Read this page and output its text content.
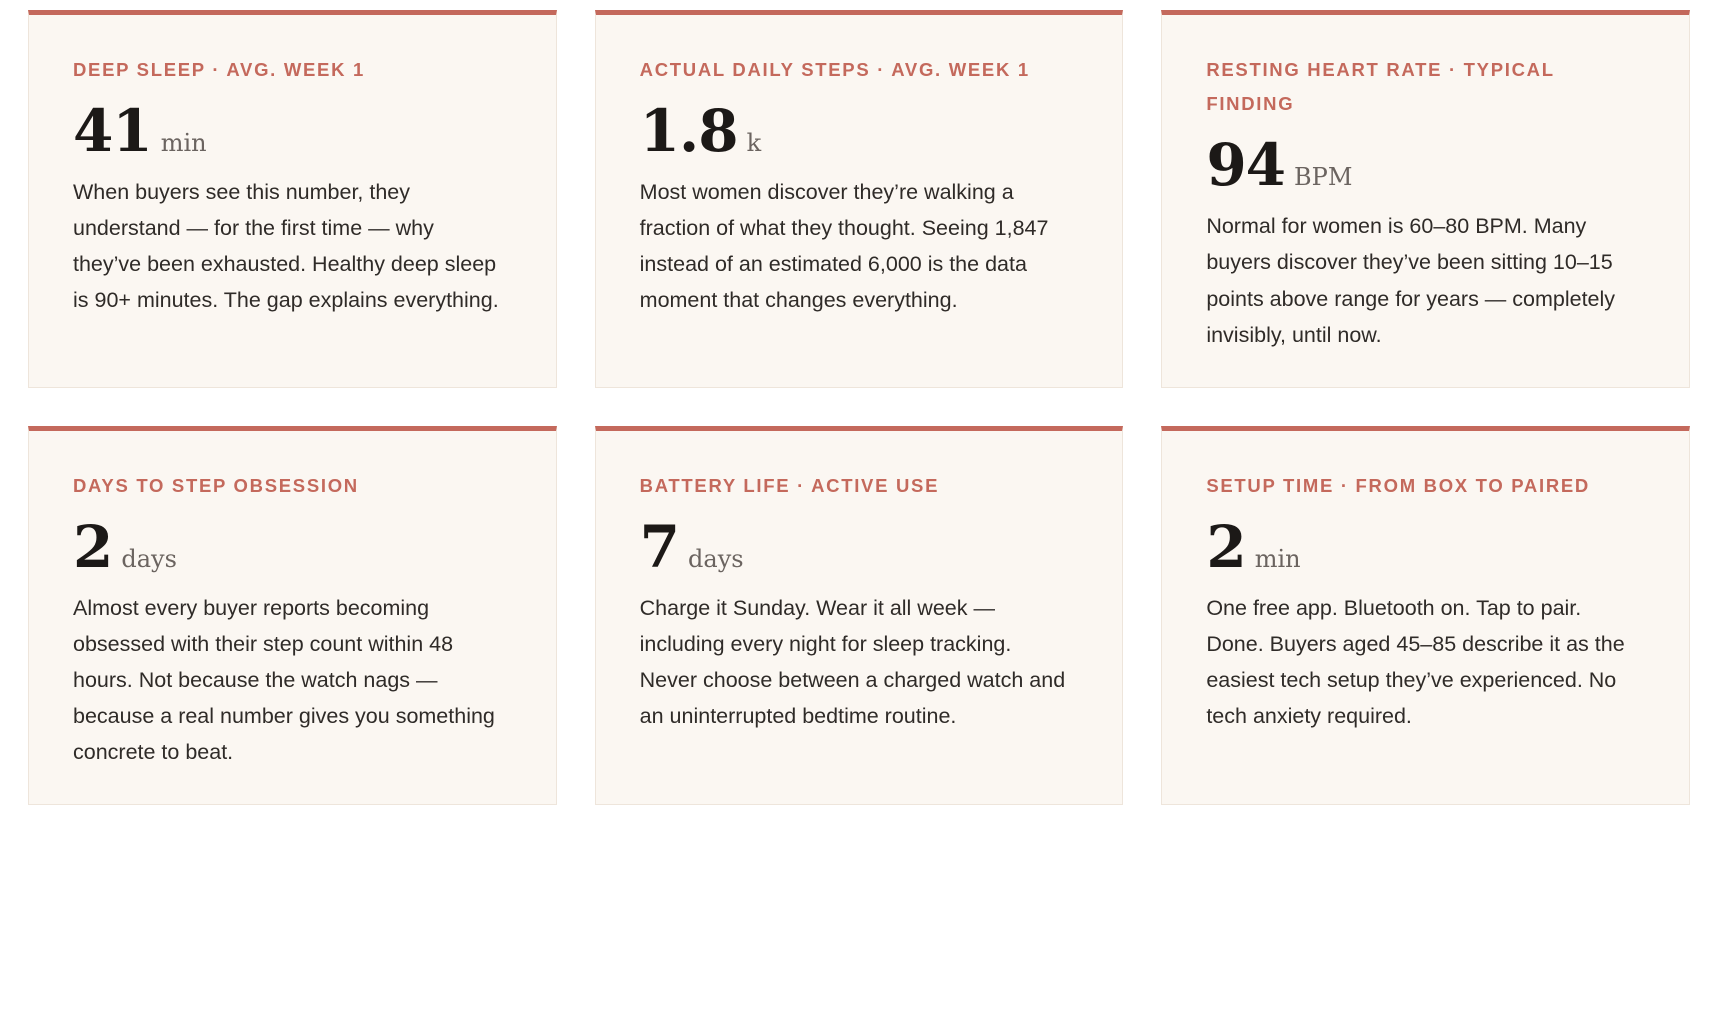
DEEP SLEEP · AVG. WEEK 1
41 min

When buyers see this number, they understand — for the first time — why they’ve been exhausted. Healthy deep sleep is 90+ minutes. The gap explains everything.

ACTUAL DAILY STEPS · AVG. WEEK 1
1.8 k

Most women discover they’re walking a fraction of what they thought. Seeing 1,847 instead of an estimated 6,000 is the data moment that changes everything.

RESTING HEART RATE · TYPICAL FINDING
94 BPM

Normal for women is 60–80 BPM. Many buyers discover they’ve been sitting 10–15 points above range for years — completely invisibly, until now.

DAYS TO STEP OBSESSION
2 days

Almost every buyer reports becoming obsessed with their step count within 48 hours. Not because the watch nags — because a real number gives you something concrete to beat.

BATTERY LIFE · ACTIVE USE
7 days

Charge it Sunday. Wear it all week — including every night for sleep tracking. Never choose between a charged watch and an uninterrupted bedtime routine.

SETUP TIME · FROM BOX TO PAIRED
2 min

One free app. Bluetooth on. Tap to pair. Done. Buyers aged 45–85 describe it as the easiest tech setup they’ve experienced. No tech anxiety required.
